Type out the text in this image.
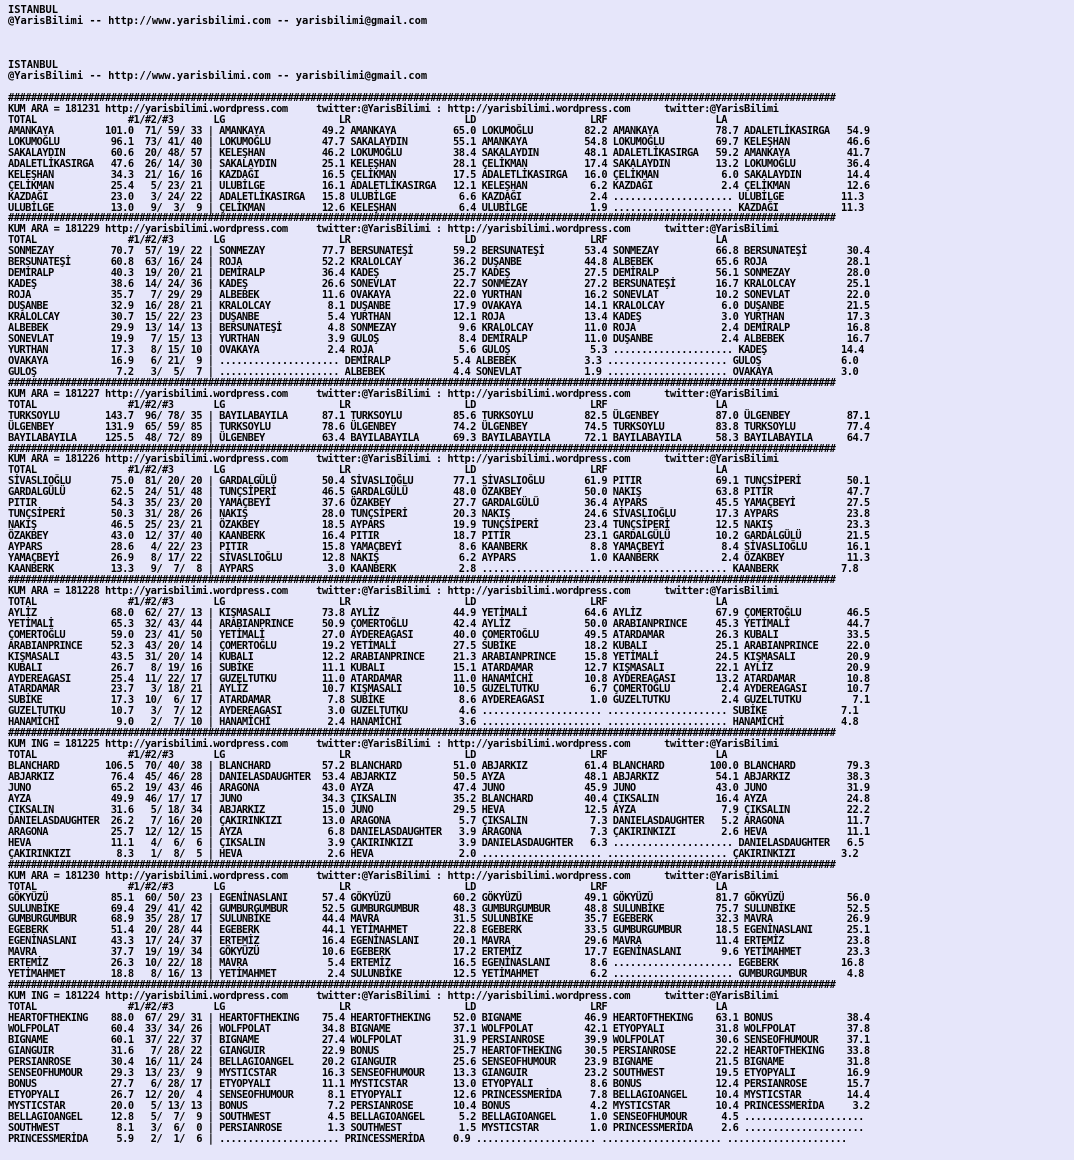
ISTANBUL
@YarisBilimi -- http://www.yarisbilimi.com -- yarisbilimi@gmail.com
ISTANBUL
@YarisBilimi -- http://www.yarisbilimi.com -- yarisbilimi@gmail.com
#################################################################################################################################################
KUM ARA = 181231 http://yarisbilimi.wordpress.com     twitter:@YarisBilimi : http://yarisbilimi.wordpress.com      twitter:@YarisBilimi
TOTAL                #1/#2/#3       LG                    LR                    LD                    LRF                   LA
AMANKAYA         101.0  71/ 59/ 33 | AMANKAYA          49.2 AMANKAYA          65.0 LOKUMOĞLU         82.2 AMANKAYA          78.7 ADALETLİKASIRGA   54.9
LOKUMOĞLU         96.1  73/ 41/ 40 | LOKUMOĞLU         47.7 SAKALAYDIN        55.1 AMANKAYA          54.8 LOKUMOĞLU         69.7 KELEŞHAN          46.6
SAKALAYDIN        60.6  20/ 48/ 57 | KELEŞHAN          46.2 LOKUMOĞLU         38.4 SAKALAYDIN        48.1 ADALETLİKASIRGA   59.2 AMANKAYA          41.7
ADALETLİKASIRGA   47.6  26/ 14/ 30 | SAKALAYDIN        25.1 KELEŞHAN          28.1 ÇELİKMAN          17.4 SAKALAYDIN        13.2 LOKUMOĞLU         36.4
KELEŞHAN          34.3  21/ 16/ 16 | KAZDAĞI           16.5 ÇELİKMAN          17.5 ADALETLİKASIRGA   16.0 ÇELİKMAN           6.0 SAKALAYDIN        14.4
ÇELİKMAN          25.4   5/ 23/ 21 | ULUBİLGE          16.1 ADALETLİKASIRGA   12.1 KELEŞHAN           6.2 KAZDAĞI            2.4 ÇELİKMAN          12.6
KAZDAĞI           23.0   3/ 24/ 22 | ADALETLİKASIRGA   15.8 ULUBİLGE           6.6 KAZDAĞI            2.4 ..................... ULUBİLGE          11.3
ULUBİLGE          13.0   9/  3/  9 | ÇELİKMAN          12.6 KELEŞHAN           6.4 ULUBİLGE           1.9 ..................... KAZDAĞI           11.3
#################################################################################################################################################
KUM ARA = 181229 http://yarisbilimi.wordpress.com     twitter:@YarisBilimi : http://yarisbilimi.wordpress.com      twitter:@YarisBilimi
TOTAL                #1/#2/#3       LG                    LR                    LD                    LRF                   LA
SONMEZAY          70.7  57/ 19/ 22 | SONMEZAY          77.7 BERSUNATEŞİ       59.2 BERSUNATEŞİ       53.4 SONMEZAY          66.8 BERSUNATEŞİ       30.4
BERSUNATEŞİ       60.8  63/ 16/ 24 | ROJA              52.2 KRALOLCAY         36.2 DUŞANBE           44.8 ALBEBEK           65.6 ROJA              28.1
DEMİRALP          40.3  19/ 20/ 21 | DEMİRALP          36.4 KADEŞ             25.7 KADEŞ             27.5 DEMİRALP          56.1 SONMEZAY          28.0
KADEŞ             38.6  14/ 24/ 36 | KADEŞ             26.6 SONEVLAT          22.7 SONMEZAY          27.2 BERSUNATEŞİ       16.7 KRALOLCAY         25.1
ROJA              35.7   7/ 29/ 29 | ALBEBEK           11.6 OVAKAYA           22.0 YURTHAN           16.2 SONEVLAT          10.2 SONEVLAT          22.0
DUŞANBE           32.9  16/ 28/ 21 | KRALOLCAY          8.1 DUŞANBE           17.9 OVAKAYA           14.1 KRALOLCAY          6.0 DUŞANBE           21.5
KRALOLCAY         30.7  15/ 22/ 23 | DUŞANBE            5.4 YURTHAN           12.1 ROJA              13.4 KADEŞ              3.0 YURTHAN           17.3
ALBEBEK           29.9  13/ 14/ 13 | BERSUNATEŞİ        4.8 SONMEZAY           9.6 KRALOLCAY         11.0 ROJA               2.4 DEMİRALP          16.8
SONEVLAT          19.9   7/ 15/ 13 | YURTHAN            3.9 GULOŞ              8.4 DEMİRALP          11.0 DUŞANBE            2.4 ALBEBEK           16.7
YURTHAN           17.3   8/ 15/ 10 | OVAKAYA            2.4 ROJA               5.6 GULOŞ              5.3 ..................... KADEŞ             14.4
OVAKAYA           16.9   6/ 21/  9 | ..................... DEMİRALP           5.4 ALBEBEK            3.3 ..................... GULOŞ              6.0
GULOŞ              7.2   3/  5/  7 | ..................... ALBEBEK            4.4 SONEVLAT           1.9 ..................... OVAKAYA            3.0
#################################################################################################################################################
KUM ARA = 181227 http://yarisbilimi.wordpress.com     twitter:@YarisBilimi : http://yarisbilimi.wordpress.com      twitter:@YarisBilimi
TOTAL                #1/#2/#3       LG                    LR                    LD                    LRF                   LA
TURKSOYLU        143.7  96/ 78/ 35 | BAYILABAYILA      87.1 TURKSOYLU         85.6 TURKSOYLU         82.5 ÜLGENBEY          87.0 ÜLGENBEY          87.1
ÜLGENBEY         131.9  65/ 59/ 85 | TURKSOYLU         78.6 ÜLGENBEY          74.2 ÜLGENBEY          74.5 TURKSOYLU         83.8 TURKSOYLU         77.4
BAYILABAYILA     125.5  48/ 72/ 89 | ÜLGENBEY          63.4 BAYILABAYILA      69.3 BAYILABAYILA      72.1 BAYILABAYILA      58.3 BAYILABAYILA      64.7
#################################################################################################################################################
KUM ARA = 181226 http://yarisbilimi.wordpress.com     twitter:@YarisBilimi : http://yarisbilimi.wordpress.com      twitter:@YarisBilimi
TOTAL                #1/#2/#3       LG                    LR                    LD                    LRF                   LA
SİVASLIOĞLU       75.0  81/ 20/ 20 | GARDALGÜLÜ        50.4 SİVASLIOĞLU       77.1 SİVASLIOĞLU       61.9 PITIR             69.1 TUNÇSİPERİ        50.1
GARDALGÜLÜ        62.5  24/ 51/ 48 | TUNÇSİPERİ        46.5 GARDALGÜLÜ        48.0 ÖZAKBEY           50.0 NAKIŞ             63.8 PITIR             47.7
PITIR             54.3  35/ 23/ 20 | YAMAÇBEYİ         37.6 ÖZAKBEY           27.7 GARDALGÜLÜ        36.4 AYPARS            45.5 YAMAÇBEYİ         27.5
TUNÇSİPERİ        50.3  31/ 28/ 26 | NAKIŞ             28.0 TUNÇSİPERİ        20.3 NAKIŞ             24.6 SİVASLIOĞLU       17.3 AYPARS            23.8
NAKIŞ             46.5  25/ 23/ 21 | ÖZAKBEY           18.5 AYPARS            19.9 TUNÇSİPERİ        23.4 TUNÇSİPERİ        12.5 NAKIŞ             23.3
ÖZAKBEY           43.0  12/ 37/ 40 | KAANBERK          16.4 PITIR             18.7 PITIR             23.1 GARDALGÜLÜ        10.2 GARDALGÜLÜ        21.5
AYPARS            28.6   4/ 22/ 23 | PITIR             15.8 YAMAÇBEYİ          8.6 KAANBERK           8.8 YAMAÇBEYİ          8.4 SİVASLIOĞLU       16.1
YAMAÇBEYİ         26.9   8/ 17/ 22 | SİVASLIOĞLU       12.8 NAKIŞ              6.2 AYPARS             1.0 KAANBERK           2.4 ÖZAKBEY           11.3
KAANBERK          13.3   9/  7/  8 | AYPARS             3.0 KAANBERK           2.8 ..................... ..................... KAANBERK           7.8
#################################################################################################################################################
KUM ARA = 181228 http://yarisbilimi.wordpress.com     twitter:@YarisBilimi : http://yarisbilimi.wordpress.com      twitter:@YarisBilimi
TOTAL                #1/#2/#3       LG                    LR                    LD                    LRF                   LA
AYLİZ             68.0  62/ 27/ 13 | KIŞMASALI         73.8 AYLİZ             44.9 YETİMALİ          64.6 AYLİZ             67.9 ÇOMERTOĞLU        46.5
YETİMALİ          65.3  32/ 43/ 44 | ARABIANPRINCE     50.9 ÇOMERTOĞLU        42.4 AYLİZ             50.0 ARABIANPRINCE     45.3 YETİMALİ          44.7
ÇOMERTOĞLU        59.0  23/ 41/ 50 | YETİMALİ          27.0 AYDEREAGASI       40.0 ÇOMERTOĞLU        49.5 ATARDAMAR         26.3 KUBALI            33.5
ARABIANPRINCE     52.3  43/ 20/ 14 | ÇOMERTOĞLU        19.2 YETİMALİ          27.5 SUBİKE            18.2 KUBALI            25.1 ARABIANPRINCE     22.0
KIŞMASALI         43.5  31/ 20/ 14 | KUBALI            12.2 ARABIANPRINCE     21.3 ARABIANPRINCE     15.8 YETİMALİ          24.5 KIŞMASALI         20.9
KUBALI            26.7   8/ 19/ 16 | SUBİKE            11.1 KUBALI            15.1 ATARDAMAR         12.7 KIŞMASALI         22.1 AYLİZ             20.9
AYDEREAGASI       25.4  11/ 22/ 17 | GUZELTUTKU        11.0 ATARDAMAR         11.0 HANAMİCHİ         10.8 AYDEREAGASI       13.2 ATARDAMAR         10.8
ATARDAMAR         23.7   3/ 18/ 21 | AYLİZ             10.7 KIŞMASALI         10.5 GUZELTUTKU         6.7 ÇOMERTOĞLU         2.4 AYDEREAGASI       10.7
SUBİKE            17.3  10/  6/ 17 | ATARDAMAR          7.8 SUBİKE             8.6 AYDEREAGASI        1.0 GUZELTUTKU         2.4 GUZELTUTKU         7.1
GUZELTUTKU        10.7   3/  7/ 12 | AYDEREAGASI        3.0 GUZELTUTKU         4.6 ..................... ..................... SUBİKE             7.1
HANAMİCHİ          9.0   2/  7/ 10 | HANAMİCHİ          2.4 HANAMİCHİ          3.6 ..................... ..................... HANAMİCHİ          4.8
#################################################################################################################################################
KUM ING = 181225 http://yarisbilimi.wordpress.com     twitter:@YarisBilimi : http://yarisbilimi.wordpress.com      twitter:@YarisBilimi
TOTAL                #1/#2/#3       LG                    LR                    LD                    LRF                   LA
BLANCHARD        106.5  70/ 40/ 38 | BLANCHARD         57.2 BLANCHARD         51.0 ABJARKIZ          61.4 BLANCHARD        100.0 BLANCHARD         79.3
ABJARKIZ          76.4  45/ 46/ 28 | DANIELASDAUGHTER  53.4 ABJARKIZ          50.5 AYZA              48.1 ABJARKIZ          54.1 ABJARKIZ          38.3
JUNO              65.2  19/ 43/ 46 | ARAGONA           43.0 AYZA              47.4 JUNO              45.9 JUNO              43.0 JUNO              31.9
AYZA              49.9  46/ 17/ 17 | JUNO              34.3 ÇIKSALIN          35.2 BLANCHARD         40.4 ÇIKSALIN          16.4 AYZA              24.8
ÇIKSALIN          31.6   5/ 18/ 34 | ABJARKIZ          15.0 JUNO              29.5 HEVA              12.5 AYZA               7.9 ÇIKSALIN          22.2
DANIELASDAUGHTER  26.2   7/ 16/ 20 | ÇAKIRINKIZI       13.0 ARAGONA            5.7 ÇIKSALIN           7.3 DANIELASDAUGHTER   5.2 ARAGONA           11.7
ARAGONA           25.7  12/ 12/ 15 | AYZA               6.8 DANIELASDAUGHTER   3.9 ARAGONA            7.3 ÇAKIRINKIZI        2.6 HEVA              11.1
HEVA              11.1   4/  6/  6 | ÇIKSALIN           3.9 ÇAKIRINKIZI        3.9 DANIELASDAUGHTER   6.3 ..................... DANIELASDAUGHTER   6.5
ÇAKIRINKIZI        8.3   1/  8/  5 | HEVA               2.6 HEVA               2.0 ..................... ..................... ÇAKIRINKIZI        3.2
#################################################################################################################################################
KUM ARA = 181230 http://yarisbilimi.wordpress.com     twitter:@YarisBilimi : http://yarisbilimi.wordpress.com      twitter:@YarisBilimi
TOTAL                #1/#2/#3       LG                    LR                    LD                    LRF                   LA
GÖKYÜZÜ           85.1  60/ 50/ 23 | EGENİNASLANI      57.4 GÖKYÜZÜ           60.2 GÖKYÜZÜ           49.1 GÖKYÜZÜ           81.7 GÖKYÜZÜ           56.0
SULUNBİKE         69.4  29/ 41/ 42 | GUMBURGUMBUR      52.5 GUMBURGUMBUR      48.3 GUMBURGUMBUR      48.8 SULUNBİKE         75.7 SULUNBİKE         52.5
GUMBURGUMBUR      68.9  35/ 28/ 17 | SULUNBİKE         44.4 MAVRA             31.5 SULUNBİKE         35.7 EGEBERK           32.3 MAVRA             26.9
EGEBERK           51.4  20/ 28/ 44 | EGEBERK           44.1 YETİMAHMET        22.8 EGEBERK           33.5 GUMBURGUMBUR      18.5 EGENİNASLANI      25.1
EGENİNASLANI      43.3  17/ 24/ 37 | ERTEMİZ           16.4 EGENİNASLANI      20.1 MAVRA             29.6 MAVRA             11.4 ERTEMİZ           23.8
MAVRA             37.7  19/ 19/ 34 | GÖKYÜZÜ           10.6 EGEBERK           17.2 ERTEMİZ           17.7 EGENİNASLANI       9.6 YETİMAHMET        23.3
ERTEMİZ           26.3  10/ 22/ 18 | MAVRA              5.4 ERTEMİZ           16.5 EGENİNASLANI       8.6 ..................... EGEBERK           16.8
YETİMAHMET        18.8   8/ 16/ 13 | YETİMAHMET         2.4 SULUNBİKE         12.5 YETİMAHMET         6.2 ..................... GUMBURGUMBUR       4.8
#################################################################################################################################################
KUM ING = 181224 http://yarisbilimi.wordpress.com     twitter:@YarisBilimi : http://yarisbilimi.wordpress.com      twitter:@YarisBilimi
TOTAL                #1/#2/#3       LG                    LR                    LD                    LRF                   LA
HEARTOFTHEKING    88.0  67/ 29/ 31 | HEARTOFTHEKING    75.4 HEARTOFTHEKING    52.0 BIGNAME           46.9 HEARTOFTHEKING    63.1 BONUS             38.4
WOLFPOLAT         60.4  33/ 34/ 26 | WOLFPOLAT         34.8 BIGNAME           37.1 WOLFPOLAT         42.1 ETYOPYALI         31.8 WOLFPOLAT         37.8
BIGNAME           60.1  37/ 22/ 37 | BIGNAME           27.4 WOLFPOLAT         31.9 PERSIANROSE       39.9 WOLFPOLAT         30.6 SENSEOFHUMOUR     37.1
GIANGUIR          31.6   7/ 28/ 22 | GIANGUIR          22.9 BONUS             25.7 HEARTOFTHEKING    30.5 PERSIANROSE       22.2 HEARTOFTHEKING    33.8
PERSIANROSE       30.4  16/ 11/ 24 | BELLAGIOANGEL     20.2 GIANGUIR          25.6 SENSEOFHUMOUR     23.9 BIGNAME           21.5 BIGNAME           31.8
SENSEOFHUMOUR     29.3  13/ 23/  9 | MYSTICSTAR        16.3 SENSEOFHUMOUR     13.3 GIANGUIR          23.2 SOUTHWEST         19.5 ETYOPYALI         16.9
BONUS             27.7   6/ 28/ 17 | ETYOPYALI         11.1 MYSTICSTAR        13.0 ETYOPYALI          8.6 BONUS             12.4 PERSIANROSE       15.7
ETYOPYALI         26.7  12/ 20/  4 | SENSEOFHUMOUR      8.1 ETYOPYALI         12.6 PRINCESSMERİDA     7.8 BELLAGIOANGEL     10.4 MYSTICSTAR        14.4
MYSTICSTAR        20.0   5/ 13/ 13 | BONUS              7.2 PERSIANROSE       10.4 BONUS              4.2 MYSTICSTAR        10.4 PRINCESSMERİDA     3.2
BELLAGIOANGEL     12.8   5/  7/  9 | SOUTHWEST          4.5 BELLAGIOANGEL      5.2 BELLAGIOANGEL      1.0 SENSEOFHUMOUR      4.5 .....................
SOUTHWEST          8.1   3/  6/  0 | PERSIANROSE        1.3 SOUTHWEST          1.5 MYSTICSTAR         1.0 PRINCESSMERİDA     2.6 .....................
PRINCESSMERİDA     5.9   2/  1/  6 | ..................... PRINCESSMERİDA     0.9 ..................... ..................... .....................
